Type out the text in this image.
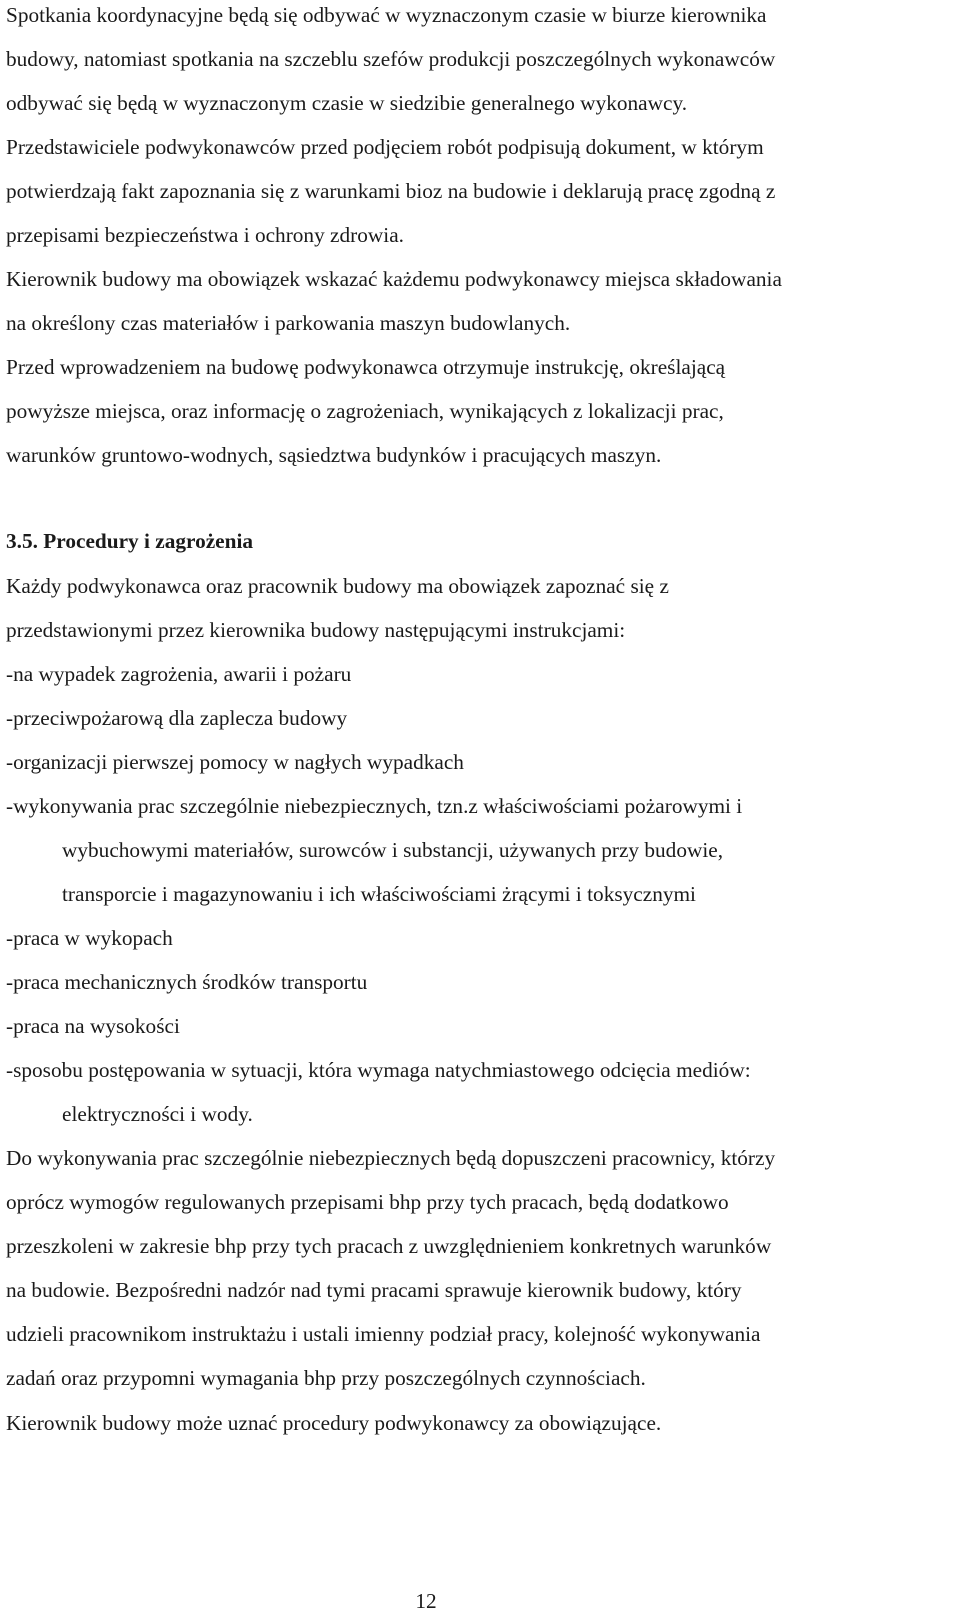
Spotkania koordynacyjne będą się odbywać w wyznaczonym czasie w biurze kierownika
budowy, natomiast spotkania na szczeblu szefów produkcji poszczególnych wykonawców
odbywać się będą w wyznaczonym czasie w siedzibie generalnego wykonawcy.
Przedstawiciele podwykonawców przed podjęciem robót podpisują dokument, w którym
potwierdzają fakt zapoznania się z warunkami bioz na budowie i deklarują pracę zgodną z
przepisami bezpieczeństwa i ochrony zdrowia.
Kierownik budowy ma obowiązek wskazać każdemu podwykonawcy miejsca składowania
na określony czas materiałów i parkowania maszyn budowlanych.
Przed wprowadzeniem na budowę podwykonawca otrzymuje instrukcję, określającą
powyższe miejsca, oraz informację o zagrożeniach, wynikających z lokalizacji prac,
warunków gruntowo-wodnych, sąsiedztwa budynków i pracujących maszyn.
3.5. Procedury i zagrożenia
Każdy podwykonawca oraz pracownik budowy ma obowiązek zapoznać się z
przedstawionymi przez kierownika budowy następującymi instrukcjami:
-na wypadek zagrożenia, awarii i pożaru
-przeciwpożarową dla zaplecza budowy
-organizacji pierwszej pomocy w nagłych wypadkach
-wykonywania prac szczególnie niebezpiecznych, tzn.z właściwościami pożarowymi i
wybuchowymi materiałów, surowców i substancji, używanych przy budowie,
transporcie i magazynowaniu i ich właściwościami żrącymi i toksycznymi
-praca w wykopach
-praca mechanicznych środków transportu
-praca na wysokości
-sposobu postępowania w sytuacji, która wymaga natychmiastowego odcięcia mediów:
elektryczności i wody.
Do wykonywania prac szczególnie niebezpiecznych będą dopuszczeni pracownicy, którzy
oprócz wymogów regulowanych przepisami bhp przy tych pracach, będą dodatkowo
przeszkoleni w zakresie bhp przy tych pracach z uwzględnieniem konkretnych warunków
na budowie. Bezpośredni nadzór nad tymi pracami sprawuje kierownik budowy, który
udzieli pracownikom instruktażu i ustali imienny podział pracy, kolejność wykonywania
zadań oraz przypomni wymagania bhp przy poszczególnych czynnościach.
Kierownik budowy może uznać procedury podwykonawcy za obowiązujące.
12
